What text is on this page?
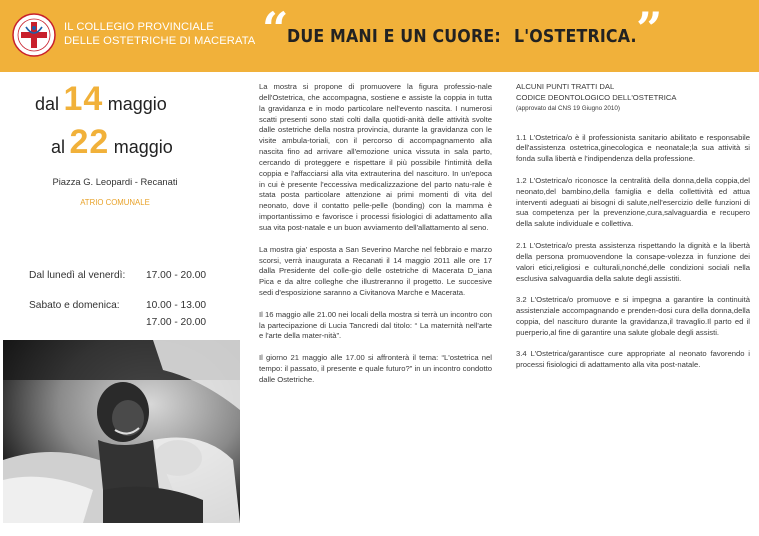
IL COLLEGIO PROVINCIALE
DELLE OSTETRICHE DI MACERATA “
DUE MANI E UN CUORE: L'OSTETRICA. ”
dal 14 maggio
al 22 maggio
Piazza G. Leopardi - Recanati
ATRIO COMUNALE
Dal lunedì al venerdì: 17.00 - 20.00
Sabato e domenica:	10.00 - 13.00
17.00 - 20.00

La mostra si propone di promuovere la figura professio-nale dell'Ostetrica, che accompagna, sostiene e assiste la coppia in tutta la gravidanza e in modo particolare nell'evento nascita. I numerosi scatti presenti sono stati colti dalla quotidi-anità delle attività svolte dalle ostetriche della nostra provincia, durante la gravidanza con le visite ambula-toriali, con il percorso di accompagnamento alla nascita fino ad arrivare all'emozione unica vissuta in sala parto, cercando di proteggere e rispettare il più possibile l'intimità della coppia e l'affacciarsi alla vita extrauterina del nascituro. In un'epoca in cui è presente l'eccessiva medicalizzazione del parto natu-rale è stata posta particolare attenzione ai primi momenti di vita del neonato, dove il contatto pelle-pelle (bonding) con la mamma è importantissimo e favorisce i processi fisiologici di adattamento alla sua vita post-natale e un buon avviamento dell'allattamento al seno.

La mostra gia' esposta a San Severino Marche nel febbraio e marzo scorsi, verrà inaugurata a Recanati il 14 maggio 2011 alle ore 17 dalla Presidente del colle-gio delle ostetriche di Macerata D_iana Pica e da altre colleghe che illustreranno il progetto. Le succesive sedi d'esposizione saranno a Civitanova Marche e Macerata.

Il 16 maggio alle 21.00 nei locali della mostra si terrà un incontro con la partecipazione di Lucia Tancredi dal titolo: “ La maternità nell'arte e l'arte della mater-nità”.

Il giorno 21 maggio alle 17.00 si affronterà il tema: “L'ostetrica nel tempo: il passato, il presente e quale futuro?” in un incontro condotto dalle Ostetriche.

ALCUNI PUNTI TRATTI DAL
CODICE DEONTOLOGICO DELL'OSTETRICA
(approvato dal CNS 19 Giugno 2010)

1.1 L'Ostetrica/o è il professionista sanitario abilitato e responsabile dell'assistenza ostetrica,ginecologica e neonatale;la sua attività si fonda sulla libertà e l'indipendenza della professione.

1.2 L'Ostetrica/o riconosce la centralità della donna,della coppia,del neonato,del bambino,della famiglia e della collettività ed attua interventi adeguati ai bisogni di salute,nell'esercizio delle funzioni di sua competenza per la prevenzione,cura,salvaguardia e recupero della salute individuale e collettiva.

2.1 L'Ostetrica/o presta assistenza rispettando la dignità e la libertà della persona promuovendone la consape-volezza in funzione dei valori etici,religiosi e culturali,nonché,delle condizioni sociali nella esclusiva salvaguardia della salute degli assistiti.

3.2 L'Ostetrica/o promuove e si impegna a garantire la continuità assistenziale accompagnando e prenden-dosi cura della donna,della coppia, del nascituro durante la gravidanza,il travaglio.Il parto ed il puerperio,al fine di garantire una salute globale degli assisti.

3.4 L'Ostetrica/garantisce cure appropriate al neonato favorendo i processi fisiologici di adattamento alla vita post-natale.
